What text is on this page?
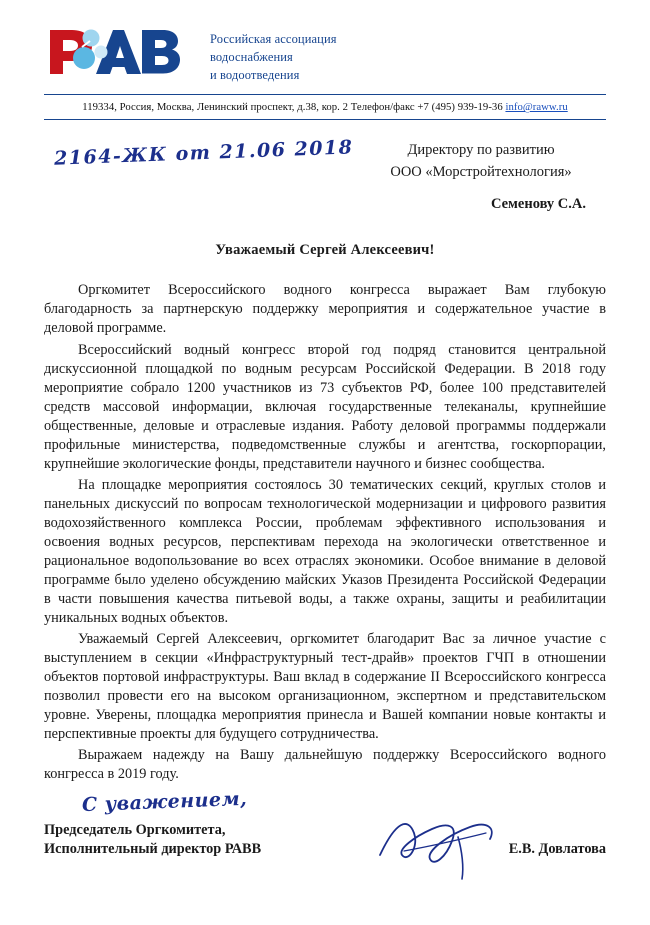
Российская ассоциация
водоснабжения
и водоотведения
119334, Россия, Москва, Ленинский проспект, д.38, кор. 2 Телефон/факс +7 (495) 939-19-36 info@raww.ru
2164-ЖК от 21.06 2018	Директору по развитию
ООО «Морстройтехнология»
Семенову С.А.
Уважаемый Сергей Алексеевич!

Оргкомитет Всероссийского водного конгресса выражает Вам глубокую благодарность за партнерскую поддержку мероприятия и содержательное участие в деловой программе.

Всероссийский водный конгресс второй год подряд становится центральной дискуссионной площадкой по водным ресурсам Российской Федерации. В 2018 году мероприятие собрало 1200 участников из 73 субъектов РФ, более 100 представителей средств массовой информации, включая государственные телеканалы, крупнейшие общественные, деловые и отраслевые издания. Работу деловой программы поддержали профильные министерства, подведомственные службы и агентства, госкорпорации, крупнейшие экологические фонды, представители научного и бизнес сообщества.

На площадке мероприятия состоялось 30 тематических секций, круглых столов и панельных дискуссий по вопросам технологической модернизации и цифрового развития водохозяйственного комплекса России, проблемам эффективного использования и освоения водных ресурсов, перспективам перехода на экологически ответственное и рациональное водопользование во всех отраслях экономики. Особое внимание в деловой программе было уделено обсуждению майских Указов Президента Российской Федерации в части повышения качества питьевой воды, а также охраны, защиты и реабилитации уникальных водных объектов.

Уважаемый Сергей Алексеевич, оргкомитет благодарит Вас за личное участие с выступлением в секции «Инфраструктурный тест-драйв» проектов ГЧП в отношении объектов портовой инфраструктуры. Ваш вклад в содержание II Всероссийского конгресса позволил провести его на высоком организационном, экспертном и представительском уровне. Уверены, площадка мероприятия принесла и Вашей компании новые контакты и перспективные проекты для будущего сотрудничества.

Выражаем надежду на Вашу дальнейшую поддержку Всероссийского водного конгресса в 2019 году.

С уважением,
Председатель Оргкомитета,
Исполнительный директор РАВВ	Е.В. Довлатова
